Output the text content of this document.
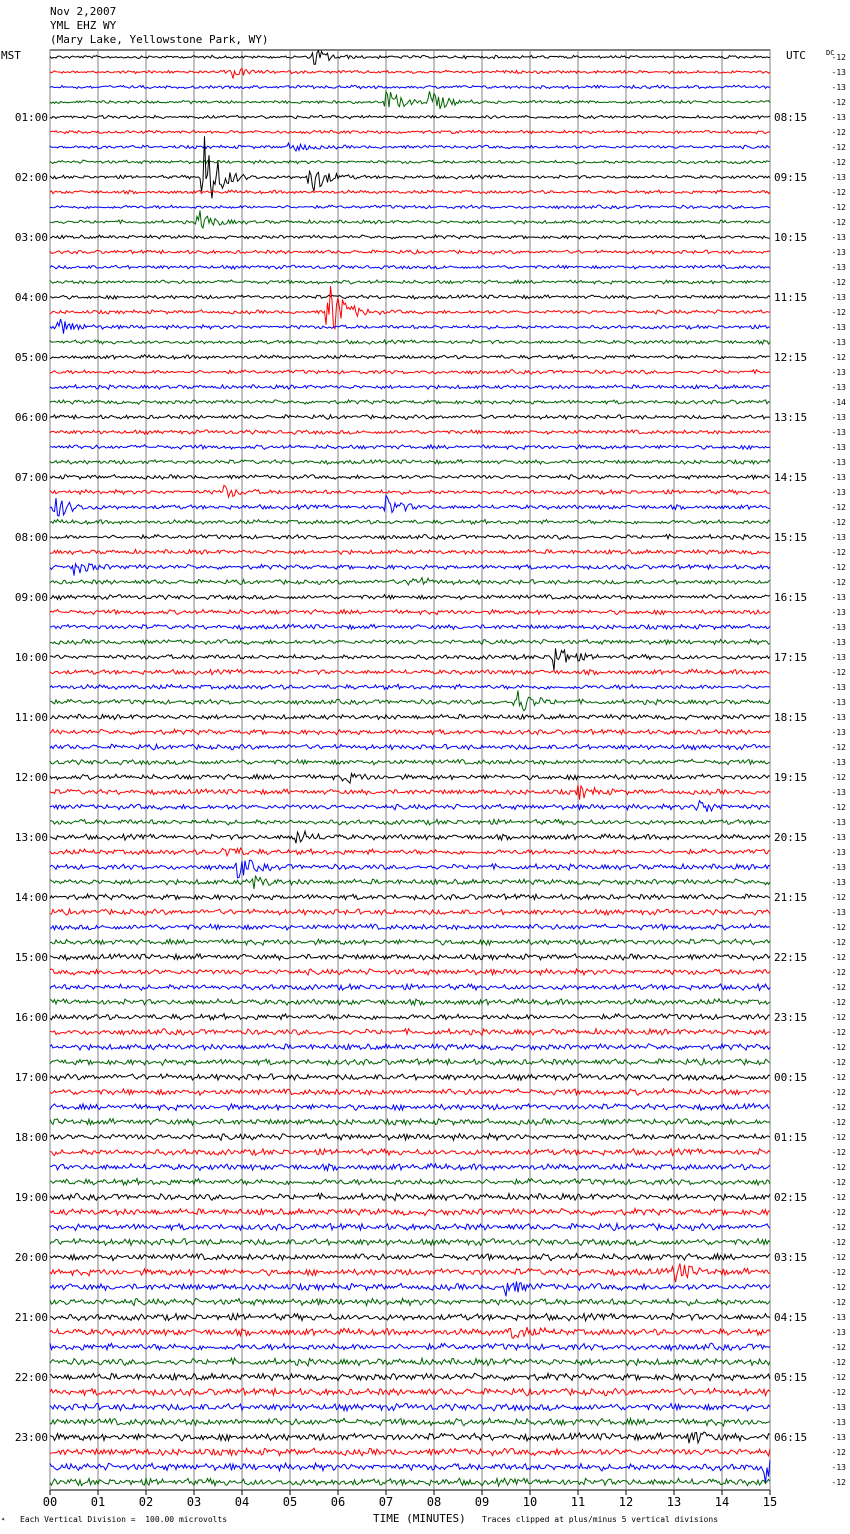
Nov 2,2007
YML EHZ WY
(Mary Lake, Yellowstone Park, WY)
MST	UTC	DC
00	01	02	03	04	05	06	07	08	09	10	11	12	13	14	15
-12
-13
-13
-12
-13
-12
-12
-12
-13
-12
-12
-12
-13
-13
-13
-12
-13
-12
-13
-13
-12
-13
-13
-14
-13
-13
-13
-13
-13
-13
-12
-12
-13
-12
-12
-12
-13
-13
-13
-13
-13
-12
-13
-13
-13
-13
-12
-13
-12
-13
-12
-13
-13
-13
-13
-13
-12
-13
-12
-12
-12
-12
-12
-12
-12
-12
-12
-12
-12
-12
-12
-12
-12
-12
-12
-12
-12
-12
-12
-12
-12
-12
-12
-12
-13
-13
-12
-12
-12
-12
-13
-13
-13
-12
-13
-12
01:00	08:15
02:00	09:15
03:00	10:15
04:00	11:15
05:00	12:15
06:00	13:15
07:00	14:15
08:00	15:15
09:00	16:15
10:00	17:15
11:00	18:15
12:00	19:15
13:00	20:15
14:00	21:15
15:00	22:15
16:00	23:15
17:00	00:15
18:00	01:15
19:00	02:15
20:00	03:15
21:00	04:15
22:00	05:15
23:00	06:15
✴ Each Vertical Division =  100.00 microvolts	TIME (MINUTES) Traces clipped at plus/minus 5 vertical divisions
